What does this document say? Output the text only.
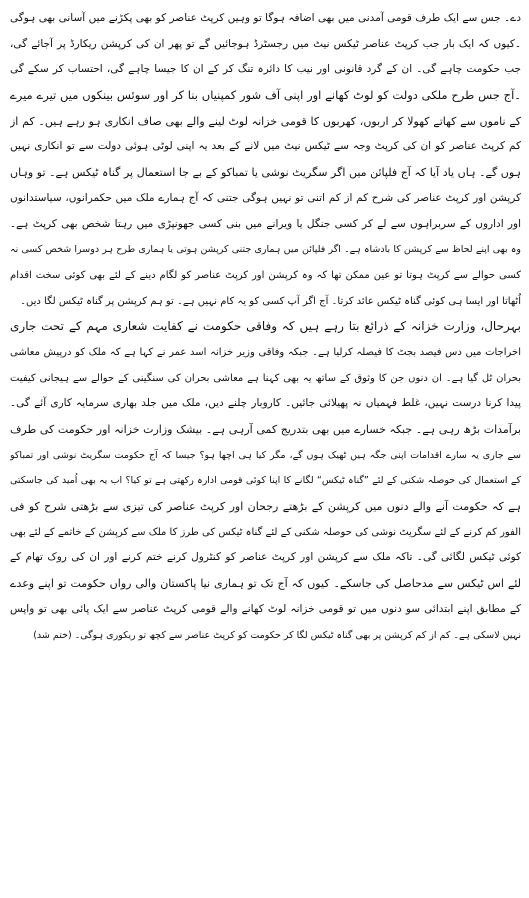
دے۔ جس سے ایک طرف قومی آمدنی میں بھی اضافہ ہوگا تو وہیں کرپٹ عناصر کو بھی پکڑنے میں آسانی بھی ہوگی
۔کیوں کہ ایک بار جب کرپٹ عناصر ٹیکس نیٹ میں رجسٹرڈ ہوجائیں گے تو پھر ان کی کرپشن ریکارڈ پر آجائے گی،
جب حکومت چاہے گی۔ ان کے گرد قانونی اور نیب کا دائرہ تنگ کر کے ان کا جیسا چاہے گی، احتساب کر سکے گی
۔آج جس طرح ملکی دولت کو لوٹ کھانے اور اپنی آف شور کمپنیاں بنا کر اور سوئس بینکوں میں تیرے میرے
کے ناموں سے کھاتے کھولا کر اربوں، کھربوں کا قومی خزانہ لوٹ لینے والے بھی صاف انکاری ہو رہے ہیں۔ کم از
کم کرپٹ عناصر کو ان کی کرپٹ وجہ سے ٹیکس نیٹ میں لانے کے بعد یہ اپنی لوٹی ہوئی دولت سے تو انکاری نہیں
ہوں گے۔ ہاں یاد آیا کہ آج فلپائن میں اگر سگریٹ نوشی یا تمباکو کے بے جا استعمال پر گناہ ٹیکس ہے۔ تو وہاں
کرپشن اور کرپٹ عناصر کی شرح کم از کم اتنی تو نہیں ہوگی جتنی کہ آج ہمارے ملک میں حکمرانوں، سیاستدانوں
اور اداروں کے سربراہوں سے لے کر کسی جنگل یا ویرانے میں بنی کسی جھونپڑی میں رہتا شخص بھی کرپٹ ہے۔
وہ بھی اپنے لحاظ سے کرپشن کا بادشاہ ہے۔ اگر فلپائن میں ہماری جتنی کرپشن ہوتی یا ہماری طرح ہر دوسرا شخص کسی نہ
کسی حوالے سے کرپٹ ہوتا تو عین ممکن تھا کہ وہ کرپشن اور کرپٹ عناصر کو لگام دینے کے لئے بھی کوئی سخت اقدام
اُٹھاتا اور ایسا ہی کوئی گناہ ٹیکس عائد کرتا۔ آج اگر آپ کسی کو یہ کام نہیں ہے۔ تو ہم کرپشن پر گناہ ٹیکس لگا دیں۔
بہرحال، وزارت خزانہ کے ذرائع بتا رہے ہیں کہ وفاقی حکومت نے کفایت شعاری مہم کے تحت جاری
اخراجات میں دس فیصد بجٹ کا فیصلہ کرلیا ہے۔ جبکہ وفاقی وزیر خزانہ اسد عمر نے کہا ہے کہ ملک کو درپیش معاشی
بحران ٹل گیا ہے۔ ان دنوں جن کا وثوق کے ساتھ یہ بھی کہنا ہے معاشی بحران کی سنگینی کے حوالے سے ہیجانی کیفیت
پیدا کرنا درست نہیں، غلط فہمیاں نہ پھیلائی جائیں۔ کاروبار چلنے دیں، ملک میں جلد بھاری سرمایہ کاری آئے گی۔
برآمدات بڑھ رہی ہے۔ جبکہ خسارے میں بھی بتدریج کمی آرہی ہے۔ بیشک وزارت خزانہ اور حکومت کی طرف
سے جاری یہ سارے اقدامات اپنی جگہ ہیں ٹھیک ہوں گے، مگر کیا ہی اچھا ہو؟ جیسا کہ آج حکومت سگریٹ نوشی اور تمباکو
کے استعمال کی حوصلہ شکنی کے لئے ”گناہ ٹیکس“ لگانے کا اپنا کوئی قومی ادارہ رکھتی ہے تو کیا؟ اب یہ بھی اُمید کی جاسکتی
ہے کہ حکومت آنے والے دنوں میں کرپشن کے بڑھتے رجحان اور کرپٹ عناصر کی تیزی سے بڑھتی شرح کو فی
الفور کم کرنے کے لئے سگریٹ نوشی کی حوصلہ شکنی کے لئے گناہ ٹیکس کی طرز کا ملک سے کرپشن کے خاتمے کے لئے بھی
کوئی ٹیکس لگائی گی۔ تاکہ ملک سے کرپشن اور کرپٹ عناصر کو کنٹرول کرنے ختم کرنے اور ان کی روک تھام کے
لئے اس ٹیکس سے مدحاصل کی جاسکے۔ کیوں کہ آج تک تو ہماری نیا پاکستان والی رواں حکومت تو اپنے وعدے
کے مطابق اپنے ابتدائی سو دنوں میں تو قومی خزانہ لوٹ کھانے والے قومی کرپٹ عناصر سے ایک پائی بھی تو واپس
نہیں لاسکی ہے۔ کم از کم کرپشن پر بھی گناہ ٹیکس لگا کر حکومت کو کرپٹ عناصر سے کچھ تو ریکوری ہوگی۔ (ختم شد)
